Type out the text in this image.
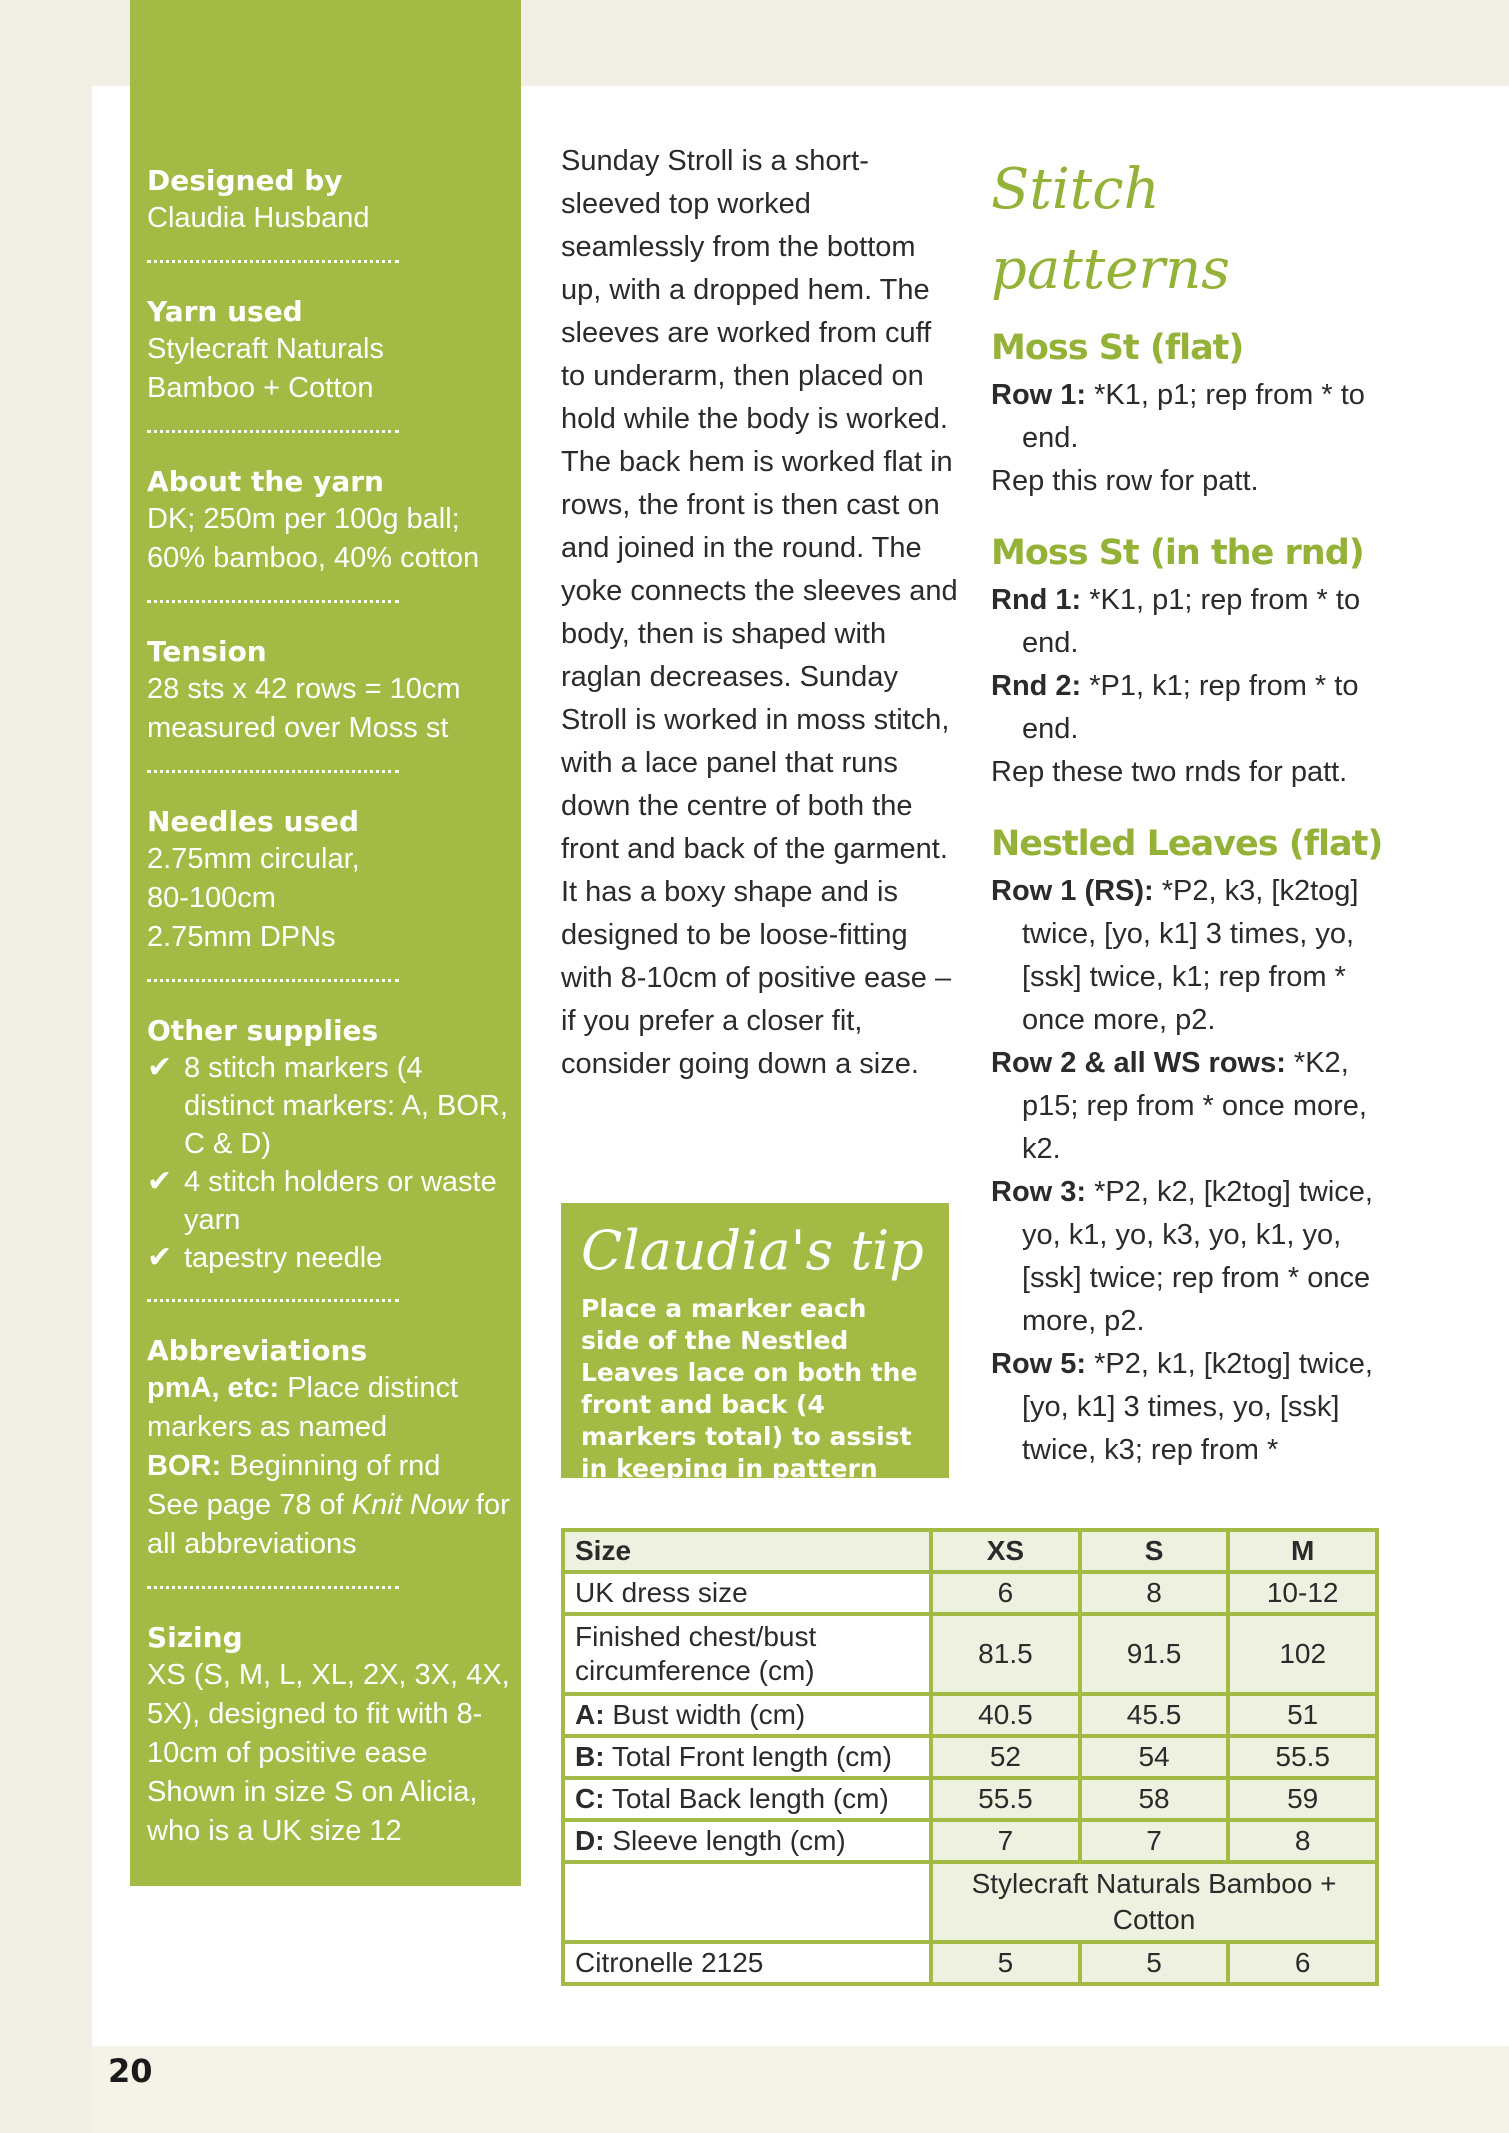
Designed by
Claudia Husband
Yarn used
Stylecraft Naturals
Bamboo + Cotton
About the yarn
DK; 250m per 100g ball;
60% bamboo, 40% cotton
Tension
28 sts x 42 rows = 10cm
measured over Moss st
Needles used
2.75mm circular,
80-100cm
2.75mm DPNs
Other supplies
✔ 8 stitch markers (4 distinct markers: A, BOR, C & D)
✔ 4 stitch holders or waste yarn
✔ tapestry needle
Abbreviations
pmA, etc: Place distinct markers as named
BOR: Beginning of rnd
See page 78 of Knit Now for all abbreviations
Sizing
XS (S, M, L, XL, 2X, 3X, 4X, 5X), designed to fit with 8-10cm of positive ease Shown in size S on Alicia, who is a UK size 12
Sunday Stroll is a short-sleeved top worked seamlessly from the bottom up, with a dropped hem. The sleeves are worked from cuff to underarm, then placed on hold while the body is worked. The back hem is worked flat in rows, the front is then cast on and joined in the round. The yoke connects the sleeves and body, then is shaped with raglan decreases. Sunday Stroll is worked in moss stitch, with a lace panel that runs down the centre of both the front and back of the garment. It has a boxy shape and is designed to be loose-fitting with 8-10cm of positive ease – if you prefer a closer fit, consider going down a size.
Claudia's tip
Place a marker each side of the Nestled Leaves lace on both the front and back (4 markers total) to assist in keeping in pattern
Stitch patterns
Moss St (flat)
Row 1: *K1, p1; rep from * to end.
Rep this row for patt.
Moss St (in the rnd)
Rnd 1: *K1, p1; rep from * to end.
Rnd 2: *P1, k1; rep from * to end.
Rep these two rnds for patt.
Nestled Leaves (flat)
Row 1 (RS): *P2, k3, [k2tog] twice, [yo, k1] 3 times, yo, [ssk] twice, k1; rep from * once more, p2.
Row 2 & all WS rows: *K2, p15; rep from * once more, k2.
Row 3: *P2, k2, [k2tog] twice, yo, k1, yo, k3, yo, k1, yo, [ssk] twice; rep from * once more, p2.
Row 5: *P2, k1, [k2tog] twice, [yo, k1] 3 times, yo, [ssk] twice, k3; rep from *
Size	XS	S	M
UK dress size	6	8	10-12
Finished chest/bust circumference (cm)	81.5	91.5	102
A: Bust width (cm)	40.5	45.5	51
B: Total Front length (cm)	52	54	55.5
C: Total Back length (cm)	55.5	58	59
D: Sleeve length (cm)	7	7	8
	Stylecraft Naturals Bamboo + Cotton		
Citronelle 2125	5	5	6
20
